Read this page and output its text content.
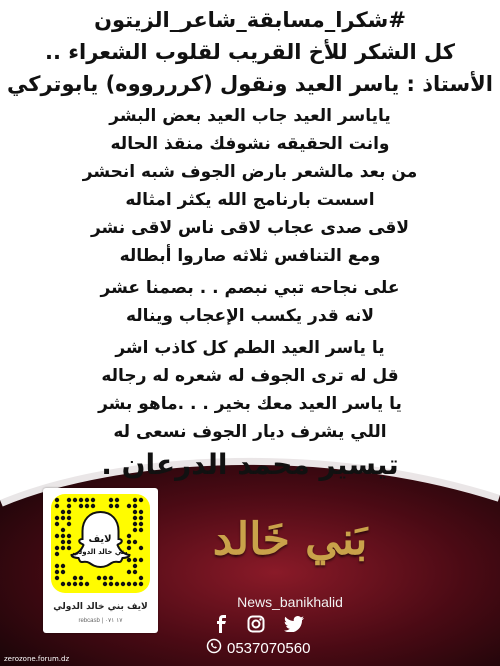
#شكرا_مسابقة_شاعر_الزيتون
كل الشكر للأخ القريب لقلوب الشعراء ..
الأستاذ : ياسر العيد ونقول (كرررووه) يابوتركي
ياياسر العيد جاب العيد بعض البشر
وانت الحقيقه نشوفك منقذ الحاله
من بعد مالشعر بارض الجوف شبه انحشر
اسست بارنامج الله يكثر امثاله
لاقى صدى عجاب لاقى ناس لاقى نشر
ومع التنافس ثلاثه صاروا أبطاله
على نجاحه تبي نبصم . . بصمنا عشر
لانه قدر يكسب الإعجاب ويناله
يا ياسر العيد الطم كل كاذب اشر
قل له ترى الجوف له شعره له رجاله
يا ياسر العيد معك بخير . . .ماهو بشر
اللي يشرف ديار الجوف نسعى له
تيسير محمد الدرعان .
بَني خَالد
News_banikhalid
0537070560
لايف
بني خالد الدولي
لايف بني خالد الدولي
rebcasb | ١٧ ٠٧١
zerozone.forum.dz
